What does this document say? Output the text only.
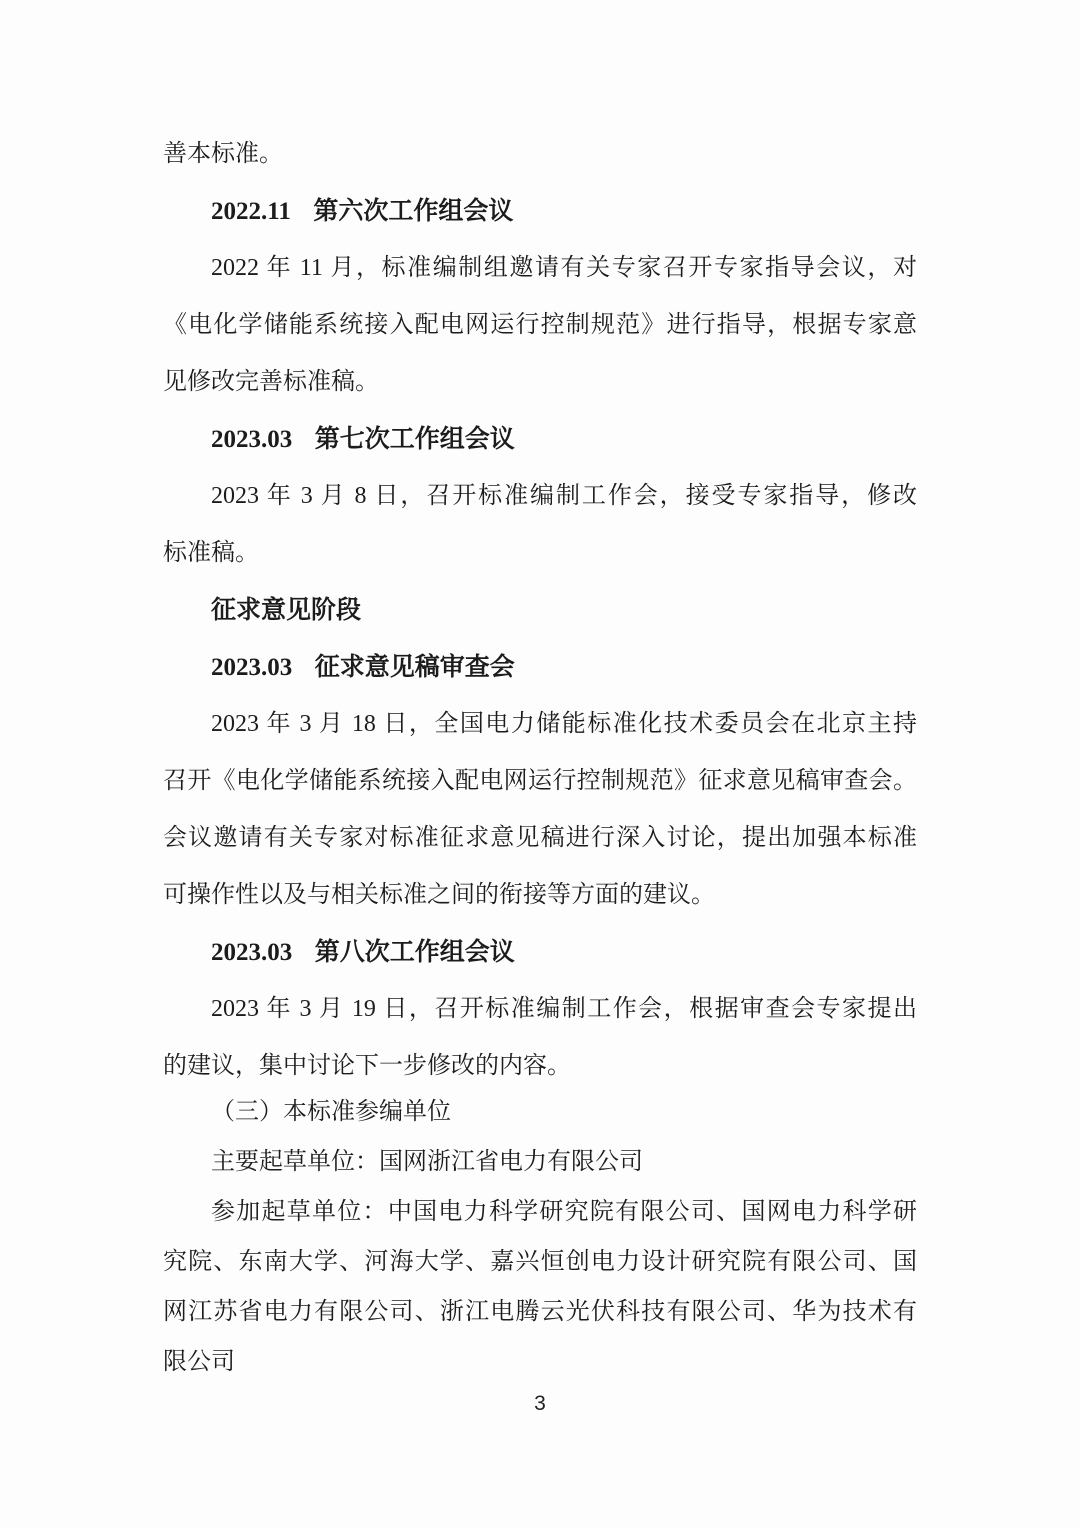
善本标准。
2022.11  第六次工作组会议
2022 年 11 月，标准编制组邀请有关专家召开专家指导会议，对
《电化学储能系统接入配电网运行控制规范》进行指导，根据专家意
见修改完善标准稿。
2023.03  第七次工作组会议
2023 年 3 月 8 日，召开标准编制工作会，接受专家指导，修改
标准稿。
征求意见阶段
2023.03  征求意见稿审查会
2023 年 3 月 18 日，全国电力储能标准化技术委员会在北京主持
召开《电化学储能系统接入配电网运行控制规范》征求意见稿审查会。
会议邀请有关专家对标准征求意见稿进行深入讨论，提出加强本标准
可操作性以及与相关标准之间的衔接等方面的建议。
2023.03  第八次工作组会议
2023 年 3 月 19 日，召开标准编制工作会，根据审查会专家提出
的建议，集中讨论下一步修改的内容。
（三）本标准参编单位
主要起草单位：国网浙江省电力有限公司
参加起草单位：中国电力科学研究院有限公司、国网电力科学研
究院、东南大学、河海大学、嘉兴恒创电力设计研究院有限公司、国
网江苏省电力有限公司、浙江电腾云光伏科技有限公司、华为技术有
限公司
3
